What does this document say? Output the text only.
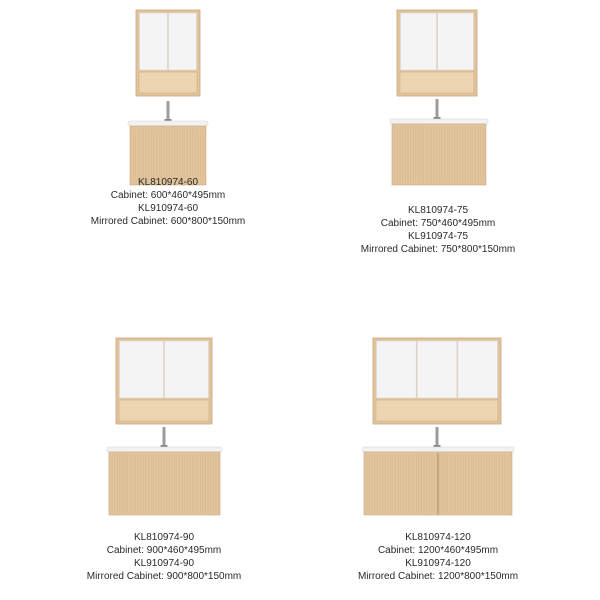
KL810974-60
Cabinet: 600*460*495mm
KL910974-60
Mirrored Cabinet: 600*800*150mm
KL810974-75
Cabinet: 750*460*495mm
KL910974-75
Mirrored Cabinet: 750*800*150mm
KL810974-90
Cabinet: 900*460*495mm
KL910974-90
Mirrored Cabinet: 900*800*150mm
KL810974-120
Cabinet: 1200*460*495mm
KL910974-120
Mirrored Cabinet: 1200*800*150mm
